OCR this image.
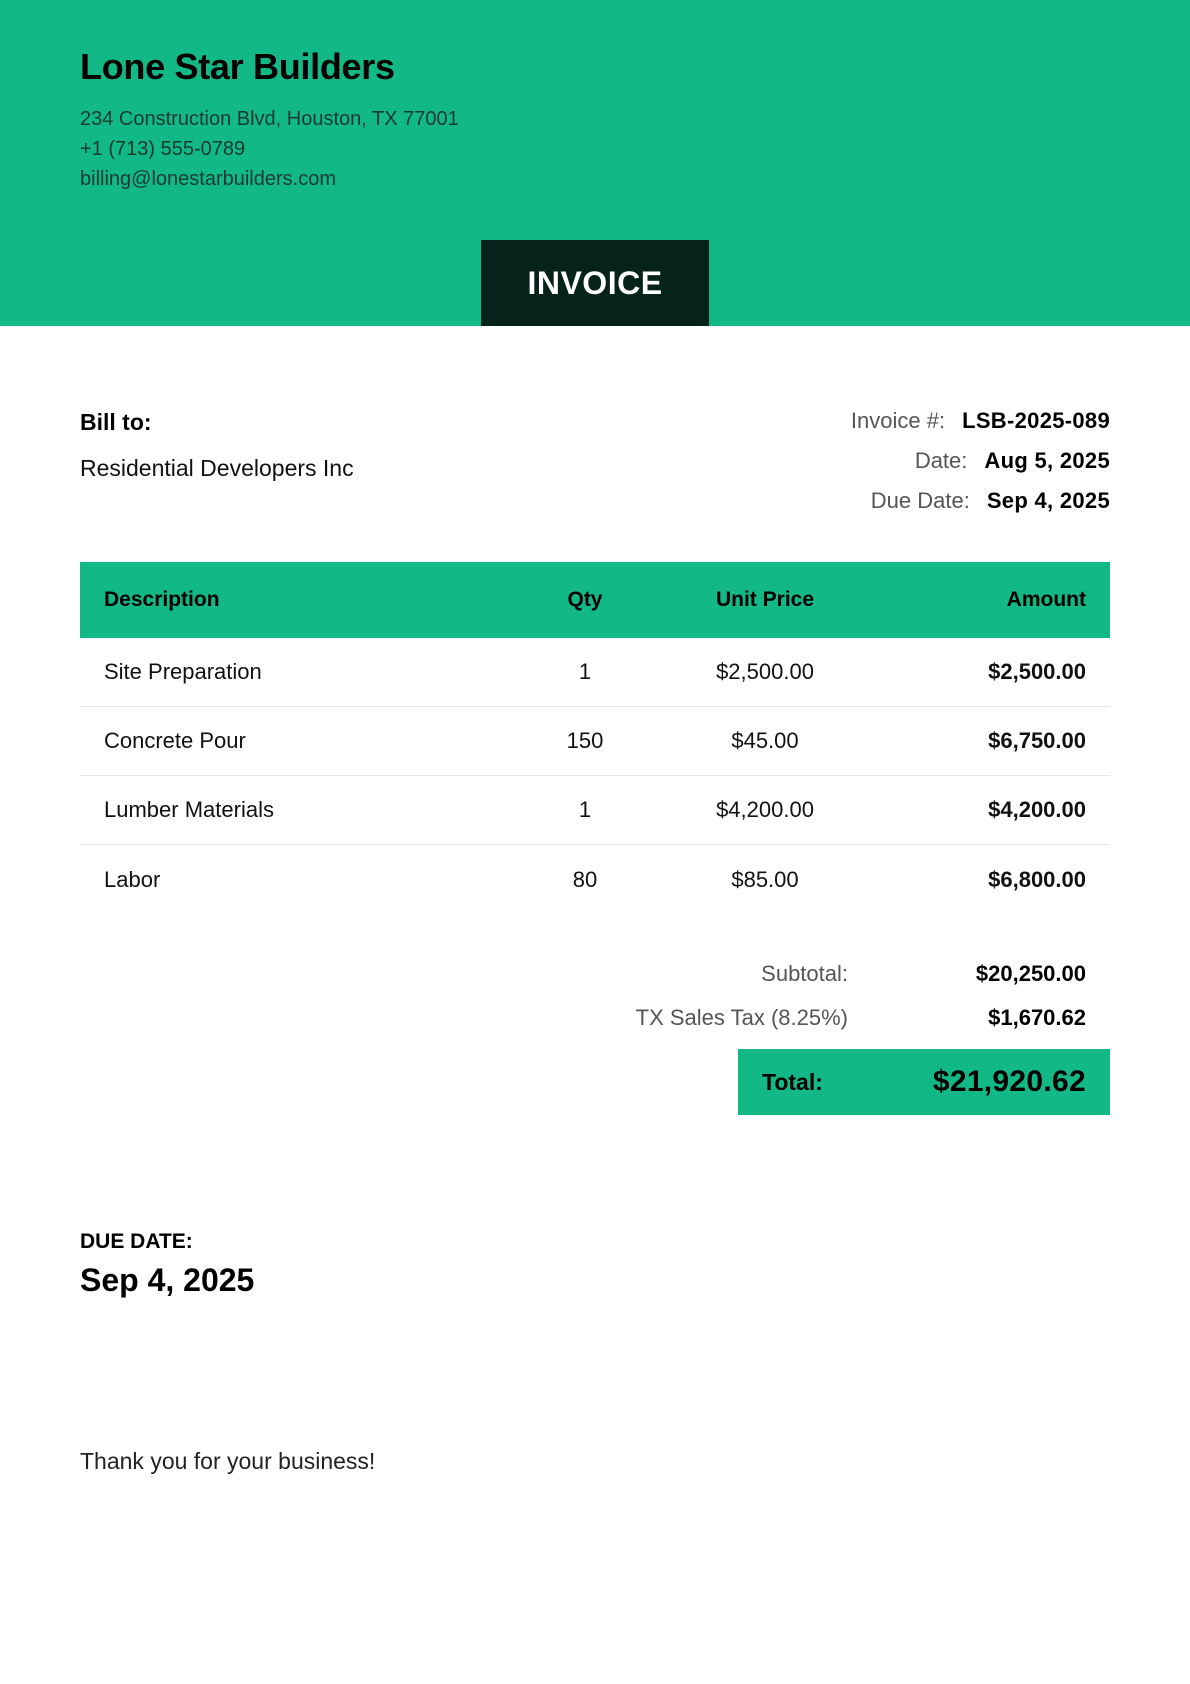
Lone Star Builders
234 Construction Blvd, Houston, TX 77001
+1 (713) 555-0789
billing@lonestarbuilders.com
INVOICE
Bill to:
Residential Developers Inc
Invoice #: LSB-2025-089
Date: Aug 5, 2025
Due Date: Sep 4, 2025
Description	Qty	Unit Price	Amount
Site Preparation	1	$2,500.00	$2,500.00
Concrete Pour	150	$45.00	$6,750.00
Lumber Materials	1	$4,200.00	$4,200.00
Labor	80	$85.00	$6,800.00
Subtotal:	$20,250.00
TX Sales Tax (8.25%)	$1,670.62
Total:	$21,920.62
DUE DATE:
Sep 4, 2025
Thank you for your business!
